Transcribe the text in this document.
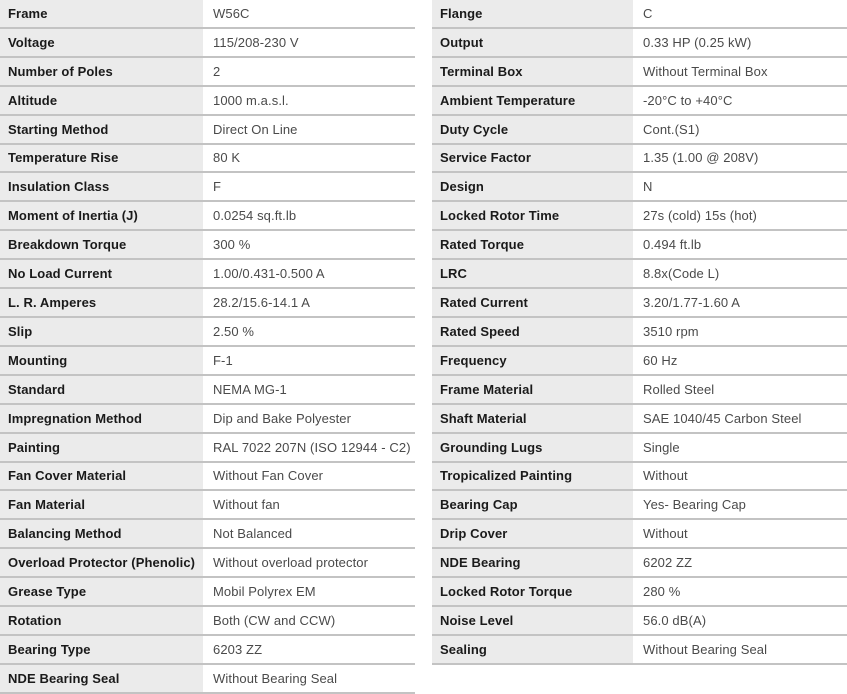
Frame	W56C
Voltage	115/208-230 V
Number of Poles	2
Altitude	1000 m.a.s.l.
Starting Method	Direct On Line
Temperature Rise	80 K
Insulation Class	F
Moment of Inertia (J)	0.0254 sq.ft.lb
Breakdown Torque	300 %
No Load Current	1.00/0.431-0.500 A
L. R. Amperes	28.2/15.6-14.1 A
Slip	2.50 %
Mounting	F-1
Standard	NEMA MG-1
Impregnation Method	Dip and Bake Polyester
Painting	RAL 7022 207N (ISO 12944 - C2)
Fan Cover Material	Without Fan Cover
Fan Material	Without fan
Balancing Method	Not Balanced
Overload Protector (Phenolic)	Without overload protector
Grease Type	Mobil Polyrex EM
Rotation	Both (CW and CCW)
Bearing Type	6203 ZZ
NDE Bearing Seal	Without Bearing Seal
Flange	C
Output	0.33 HP (0.25 kW)
Terminal Box	Without Terminal Box
Ambient Temperature	-20°C to +40°C
Duty Cycle	Cont.(S1)
Service Factor	1.35 (1.00 @ 208V)
Design	N
Locked Rotor Time	27s (cold) 15s (hot)
Rated Torque	0.494 ft.lb
LRC	8.8x(Code L)
Rated Current	3.20/1.77-1.60 A
Rated Speed	3510 rpm
Frequency	60 Hz
Frame Material	Rolled Steel
Shaft Material	SAE 1040/45 Carbon Steel
Grounding Lugs	Single
Tropicalized Painting	Without
Bearing Cap	Yes- Bearing Cap
Drip Cover	Without
NDE Bearing	6202 ZZ
Locked Rotor Torque	280 %
Noise Level	56.0 dB(A)
Sealing	Without Bearing Seal
